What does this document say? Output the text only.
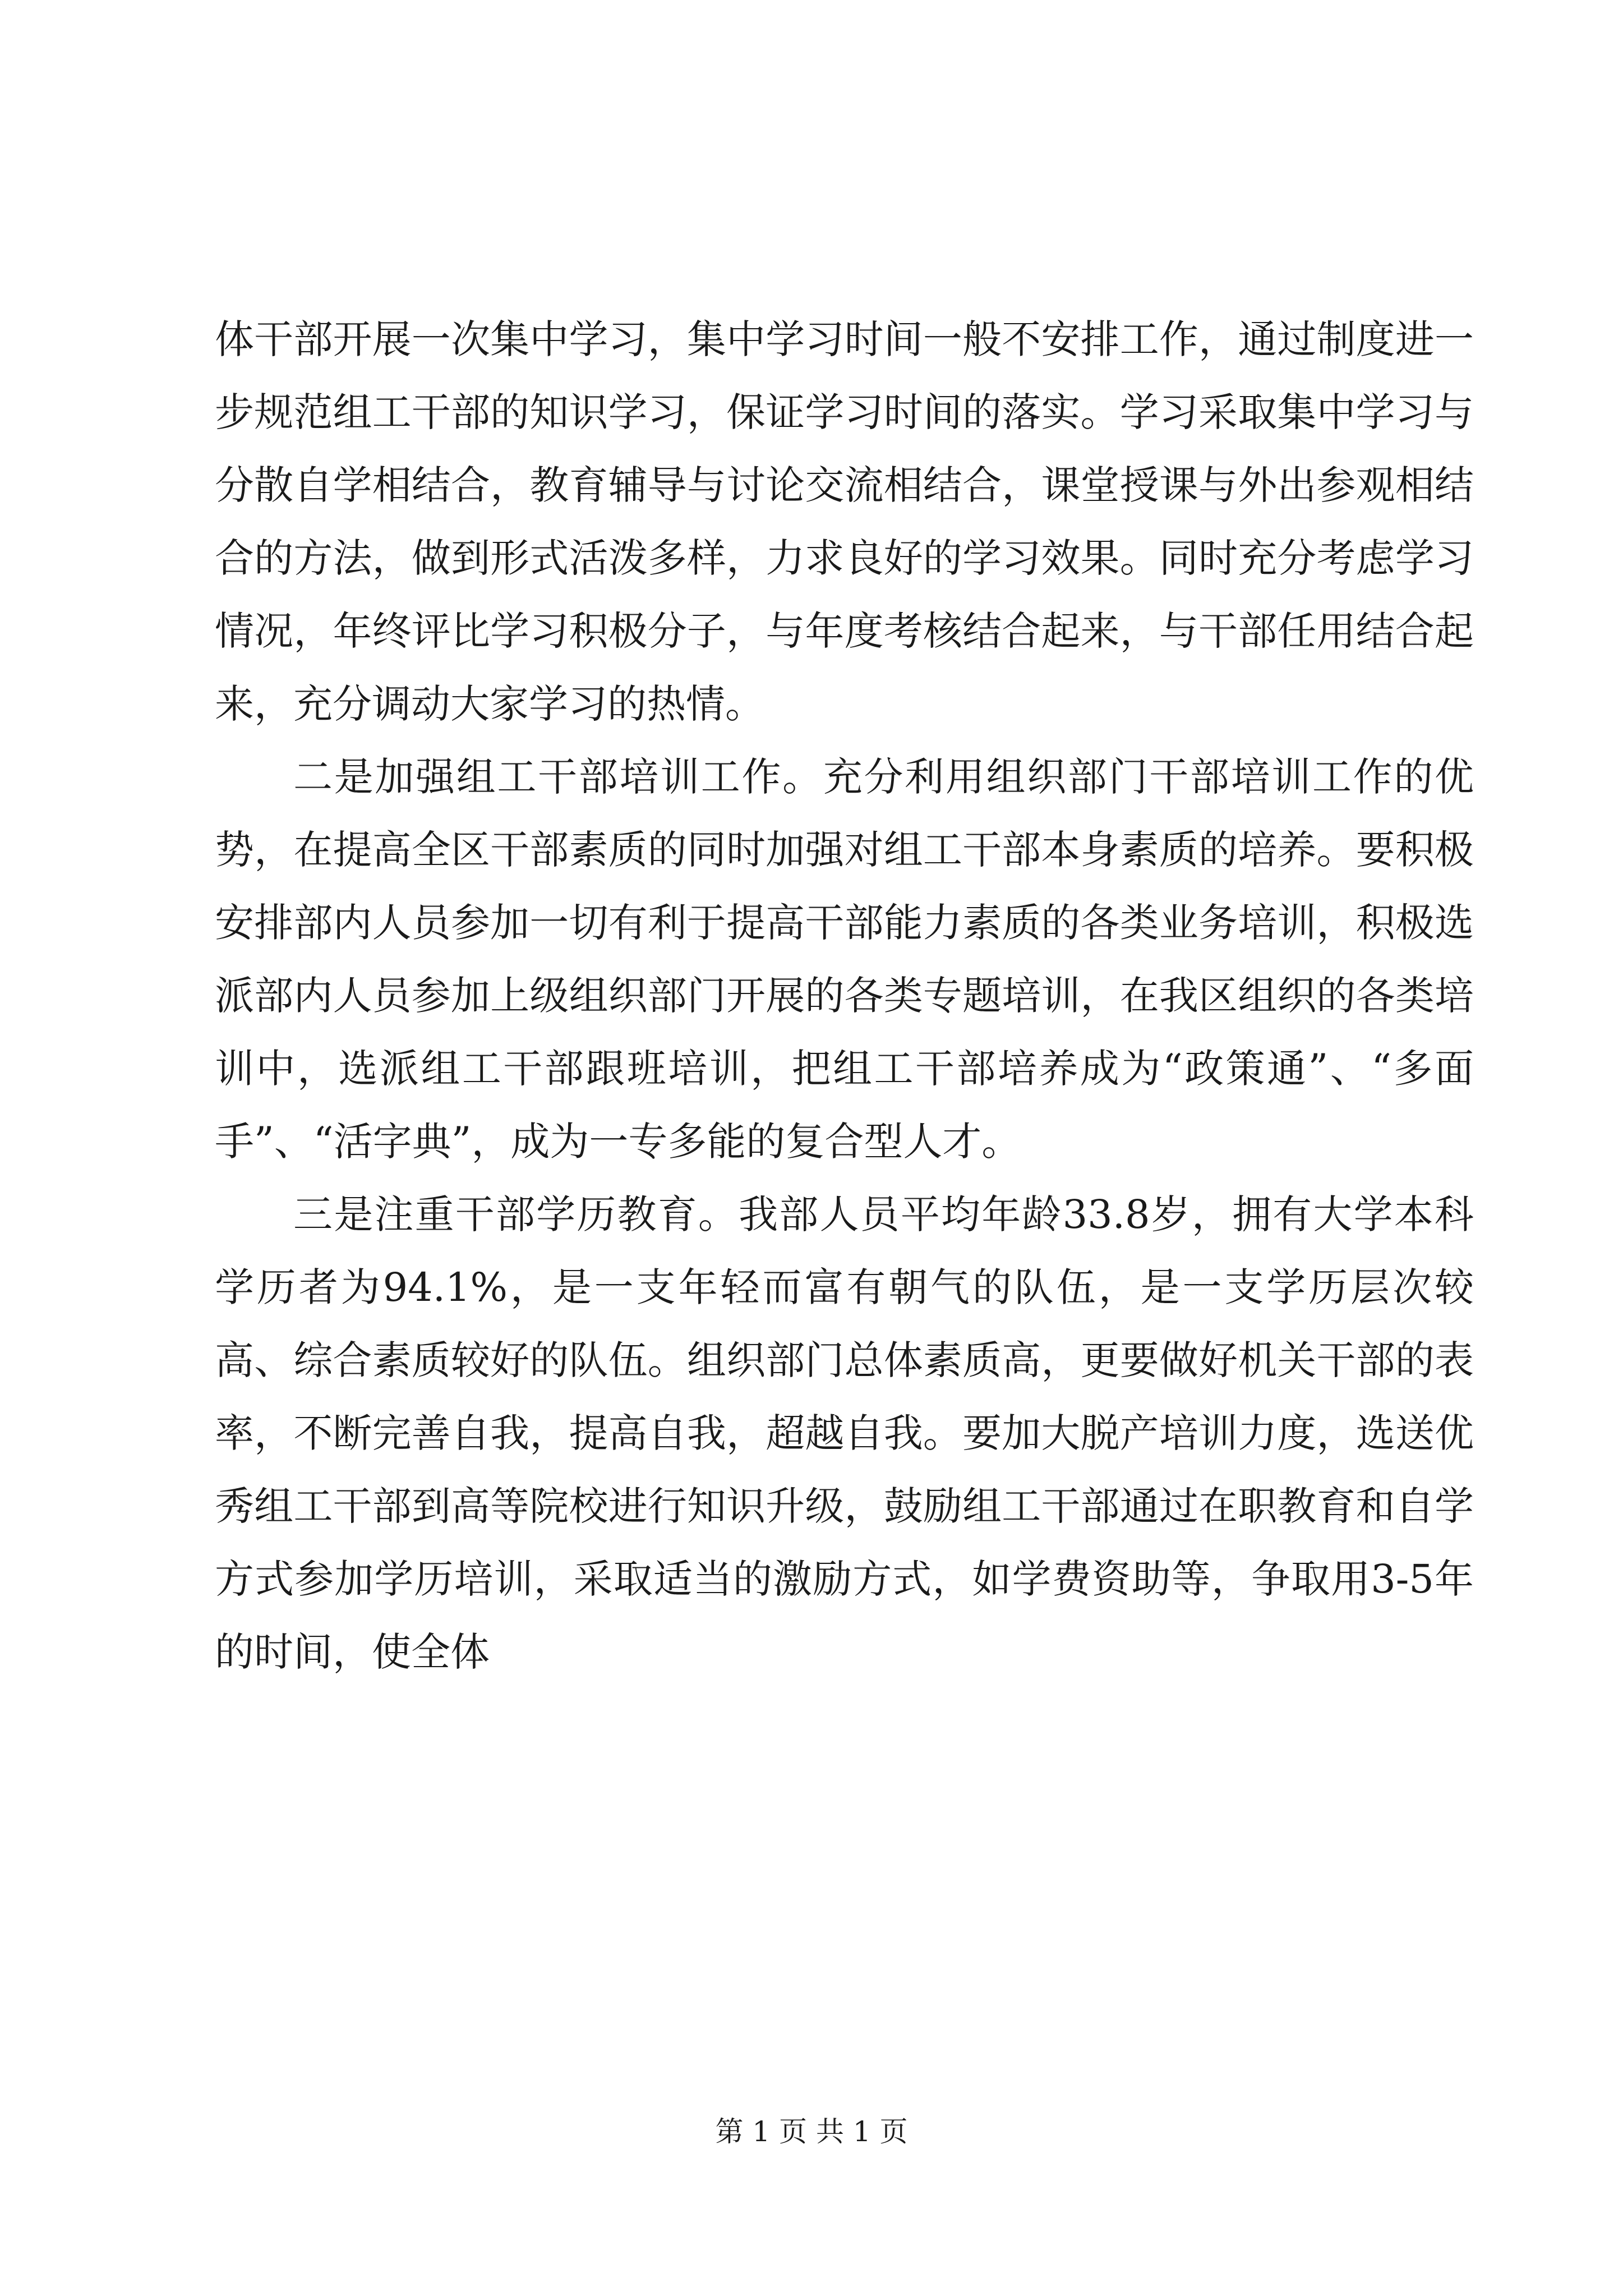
体干部开展一次集中学习，集中学习时间一般不安排工作，通过制度进一步规范组工干部的知识学习，保证学习时间的落实。学习采取集中学习与分散自学相结合，教育辅导与讨论交流相结合，课堂授课与外出参观相结合的方法，做到形式活泼多样，力求良好的学习效果。同时充分考虑学习情况，年终评比学习积极分子，与年度考核结合起来，与干部任用结合起来，充分调动大家学习的热情。

二是加强组工干部培训工作。充分利用组织部门干部培训工作的优势，在提高全区干部素质的同时加强对组工干部本身素质的培养。要积极安排部内人员参加一切有利于提高干部能力素质的各类业务培训，积极选派部内人员参加上级组织部门开展的各类专题培训，在我区组织的各类培训中，选派组工干部跟班培训，把组工干部培养成为“政策通”、“多面手”、“活字典”，成为一专多能的复合型人才。

三是注重干部学历教育。我部人员平均年龄33.8岁，拥有大学本科学历者为94.1%，是一支年轻而富有朝气的队伍，是一支学历层次较高、综合素质较好的队伍。组织部门总体素质高，更要做好机关干部的表率，不断完善自我，提高自我，超越自我。要加大脱产培训力度，选送优秀组工干部到高等院校进行知识升级，鼓励组工干部通过在职教育和自学方式参加学历培训，采取适当的激励方式，如学费资助等，争取用3-5年的时间，使全体

第 1 页 共 1 页
